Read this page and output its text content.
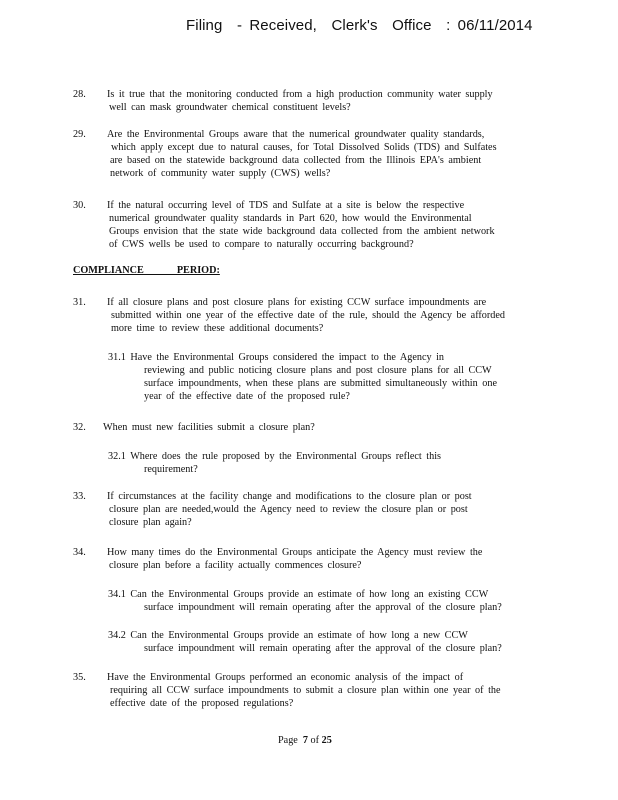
Filing  - Received,  Clerk's  Office  : 06/11/2014
28.	Is it true that the monitoring conducted from a high production community water supply
well can mask groundwater chemical constituent levels?
29.	Are the Environmental Groups aware that the numerical groundwater quality standards,
which apply except due to natural causes, for Total Dissolved Solids (TDS) and Sulfates
are based on the statewide background data collected from the Illinois EPA's ambient
network of community water supply (CWS) wells?
30.	If the natural occurring level of TDS and Sulfate at a site is below the respective
numerical groundwater quality standards in Part 620, how would the Environmental
Groups envision that the state wide background data collected from the ambient network
of CWS wells be used to compare to naturally occurring background?
COMPLIANCE  PERIOD:
31.	If all closure plans and post closure plans for existing CCW surface impoundments are
submitted within one year of the effective date of the rule, should the Agency be afforded
more time to review these additional documents?
31.1 Have the Environmental Groups considered the impact to the Agency in
reviewing and public noticing closure plans and post closure plans for all CCW
surface impoundments, when these plans are submitted simultaneously within one
year of the effective date of the proposed rule?
32.	When must new facilities submit a closure plan?
32.1 Where does the rule proposed by the Environmental Groups reflect this
requirement?
33.	If circumstances at the facility change and modifications to the closure plan or post
closure plan are needed,would the Agency need to review the closure plan or post
closure plan again?
34.	How many times do the Environmental Groups anticipate the Agency must review the
closure plan before a facility actually commences closure?
34.1 Can the Environmental Groups provide an estimate of how long an existing CCW
surface impoundment will remain operating after the approval of the closure plan?
34.2 Can the Environmental Groups provide an estimate of how long a new CCW
surface impoundment will remain operating after the approval of the closure plan?
35.	Have the Environmental Groups performed an economic analysis of the impact of
requiring all CCW surface impoundments to submit a closure plan within one year of the
effective date of the proposed regulations?
Page 7 of 25
